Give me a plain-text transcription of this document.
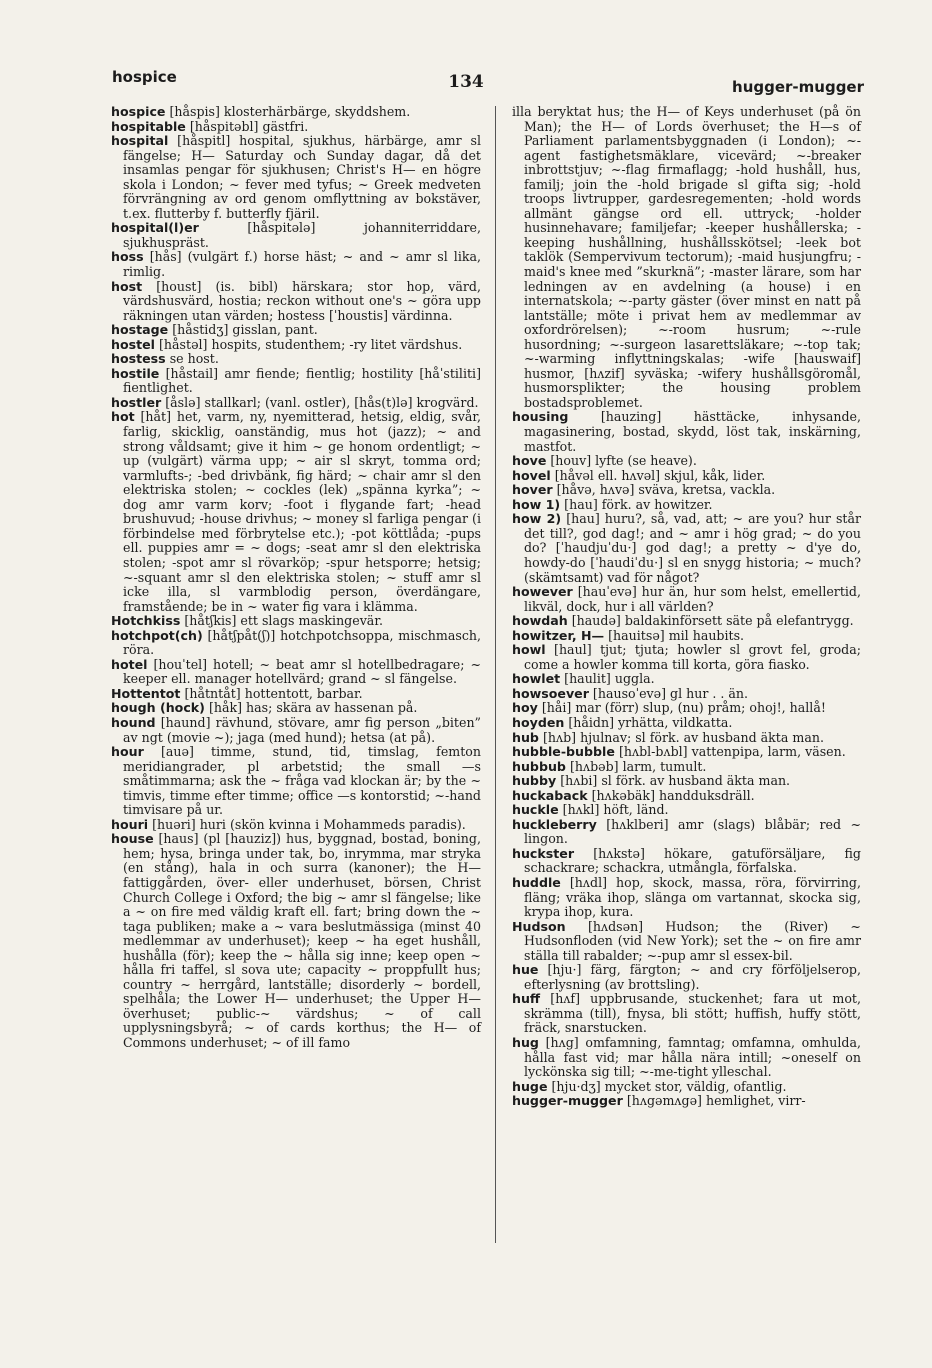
hospice	134	hugger-mugger

hospice [håspis] klosterhärbärge, skyddshem.

hospitable [håspitəbl] gästfri.

hospital [håspitl] hospital, sjukhus, härbärge, amr sl fängelse; H— Saturday och Sunday dagar, då det insamlas pengar för sjukhusen; Christ's H— en högre skola i London; ~ fever med tyfus; ~ Greek medveten förvrängning av ord genom omflyttning av bokstäver, t.ex. flutterby f. butterfly fjäril.

hospital(l)er	[håspitələ] johanniterriddare, sjukhuspräst.

hoss [hås] (vulgärt f.) horse häst; ~ and ~ amr sl lika, rimlig.

host [houst] (is. bibl) härskara; stor hop, värd, värdshusvärd, hostia; reckon without one's ~ göra upp räkningen utan värden; hostess [ˈhoustis] värdinna.

hostage [håstidʒ] gisslan, pant.

hostel [håstəl] hospits, studenthem; -ry litet värdshus.

hostess se host.

hostile [håstail] amr fiende; fientlig; hostility [håˈstiliti] fientlighet.

hostler [åslə] stallkarl; (vanl. ostler), [hås(t)lə] krogvärd.

hot [håt] het, varm, ny, nyemitterad, hetsig, eldig, svår, farlig, skicklig, oanständig, mus hot (jazz); ~ and strong våldsamt; give it him ~ ge honom ordentligt; ~ up (vulgärt) värma upp; ~ air sl skryt, tomma ord; varmlufts-; -bed drivbänk, fig härd; ~ chair amr sl den elektriska stolen; ~ cockles (lek) „spänna kyrka”; ~ dog amr varm korv; -foot i flygande fart; -head brushuvud; -house drivhus; ~ money sl farliga pengar (i förbindelse med förbrytelse etc.); -pot köttlåda; -pups ell. puppies amr = ~ dogs; -seat amr sl den elektriska stolen; -spot amr sl rövarköp; -spur hetsporre; hetsig; ~-squant amr sl den elektriska stolen; ~ stuff amr sl icke illa, sl varmblodig person, överdängare, framstående; be in ~ water fig vara i klämma.

Hotchkiss [håtʃkis] ett slags maskingevär.

hotchpot(ch) [håtʃpåt(ʃ)] hotchpotchsoppa, mischmasch, röra.

hotel [houˈtel] hotell; ~ beat amr sl hotellbedragare; ~ keeper ell. manager hotellvärd; grand ~ sl fängelse.

Hottentot [håtntåt] hottentott, barbar.

hough (hock) [håk] has; skära av hassenan på.

hound [haund] rävhund, stövare, amr fig person „biten” av ngt (movie ~); jaga (med hund); hetsa (at på).

hour [auə] timme, stund, tid, timslag, femton meridiangrader, pl arbetstid; the small —s småtimmarna; ask the ~ fråga vad klockan är; by the ~ timvis, timme efter timme; office —s kontorstid; ~-hand timvisare på ur.

houri [huəri] huri (skön kvinna i Mohammeds paradis).

house [haus] (pl [hauziz]) hus, byggnad, bostad, boning, hem; hysa, bringa under tak, bo, inrymma, mar stryka (en stång), hala in och surra (kanoner); the H— fattiggården, över- eller underhuset, börsen, Christ Church College i Oxford; the big ~ amr sl fängelse; like a ~ on fire med väldig kraft ell. fart; bring down the ~ taga publiken; make a ~ vara beslutmässiga (minst 40 medlemmar av underhuset); keep ~ ha eget hushåll, hushålla (för); keep the ~ hålla sig inne; keep open ~ hålla fri taffel, sl sova ute; capacity ~ proppfullt hus; country ~ herrgård, lantställe; disorderly ~ bordell, spelhåla; the Lower H— underhuset; the Upper H— överhuset; public-~ värdshus; ~ of call upplysningsbyrå; ~ of cards korthus; the H— of Commons underhuset; ~ of ill famo

illa beryktat hus; the H— of Keys underhuset (på ön Man); the H— of Lords överhuset; the H—s of Parliament parlamentsbyggnaden (i London); ~-agent fastighetsmäklare, vicevärd; ~-breaker inbrottstjuv; ~-flag firmaflagg; -hold hushåll, hus, familj; join the -hold brigade sl gifta sig; -hold troops livtrupper, gardesregementen; -hold words allmänt gängse ord ell. uttryck; -holder husinnehavare; familjefar; -keeper hushållerska; -keeping hushållning, hushållsskötsel; -leek bot taklök (Sempervivum tectorum); -maid husjungfru; -maid's knee med ”skurknä”; -master lärare, som har ledningen av en avdelning (a house) i en internatskola; ~-party gäster (över minst en natt på lantställe; möte i privat hem av medlemmar av oxfordrörelsen); ~-room husrum; ~-rule husordning; ~-surgeon lasarettsläkare; ~-top tak; ~-warming inflyttningskalas; -wife [hauswaif] husmor, [hʌzif] syväska; -wifery hushållsgöromål, husmorsplikter; the housing problem bostadsproblemet.

housing	[hauzing] hästtäcke, inhysande, magasinering, bostad, skydd, löst tak, inskärning, mastfot.

hove [houv] lyfte (se heave).

hovel [håvəl ell. hʌvəl] skjul, kåk, lider.

hover [håvə, hʌvə] sväva, kretsa, vackla.

how 1) [hau] förk. av howitzer.

how 2) [hau] huru?, så, vad, att; ~ are you? hur står det till?, god dag!; and ~ amr i hög grad; ~ do you do? [ˈhaudjuˈdu·] god dag!; a pretty ~ d'ye do, howdy-do [ˈhaudiˈdu·] sl en snygg historia; ~ much? (skämtsamt) vad för något?

however [hauˈevə] hur än, hur som helst, emellertid, likväl, dock, hur i all världen?

howdah [haudə] baldakinförsett säte på elefantrygg.

howitzer, H— [hauitsə] mil haubits.

howl [haul] tjut; tjuta; howler sl grovt fel, groda; come a howler komma till korta, göra fiasko.

howlet [haulit] uggla.

howsoever [hausoˈevə] gl hur . . än.

hoy [håi] mar (förr) slup, (nu) pråm; ohoj!, hallå!

hoyden [håidn] yrhätta, vildkatta.

hub [hʌb] hjulnav; sl förk. av husband äkta man.

hubble-bubble [hʌbl-bʌbl] vattenpipa, larm, väsen.

hubbub [hʌbəb] larm, tumult.

hubby [hʌbi] sl förk. av husband äkta man.

huckaback [hʌkəbäk] handduksdräll.

huckle [hʌkl] höft, länd.

huckleberry [hʌklberi] amr (slags) blåbär; red ~ lingon.

huckster [hʌkstə] hökare, gatuförsäljare, fig schackrare; schackra, utmångla, förfalska.

huddle [hʌdl] hop, skock, massa, röra, förvirring, fläng; vräka ihop, slänga om vartannat, skocka sig, krypa ihop, kura.

Hudson [hʌdsən] Hudson; the (River) ~ Hudsonfloden (vid New York); set the ~ on fire amr ställa till rabalder; ~-pup amr sl essex-bil.

hue [hju·] färg, färgton; ~ and cry förföljelserop, efterlysning (av brottsling).

huff [hʌf] uppbrusande, stuckenhet; fara ut mot, skrämma (till), fnysa, bli stött; huffish, huffy stött, fräck, snarstucken.

hug [hʌg] omfamning, famntag; omfamna, omhulda, hålla fast vid; mar hålla nära intill; ~oneself on lyckönska sig till; ~-me-tight ylleschal.

huge [hju·dʒ] mycket stor, väldig, ofantlig.

hugger-mugger [hʌgəmʌgə] hemlighet, virr-
